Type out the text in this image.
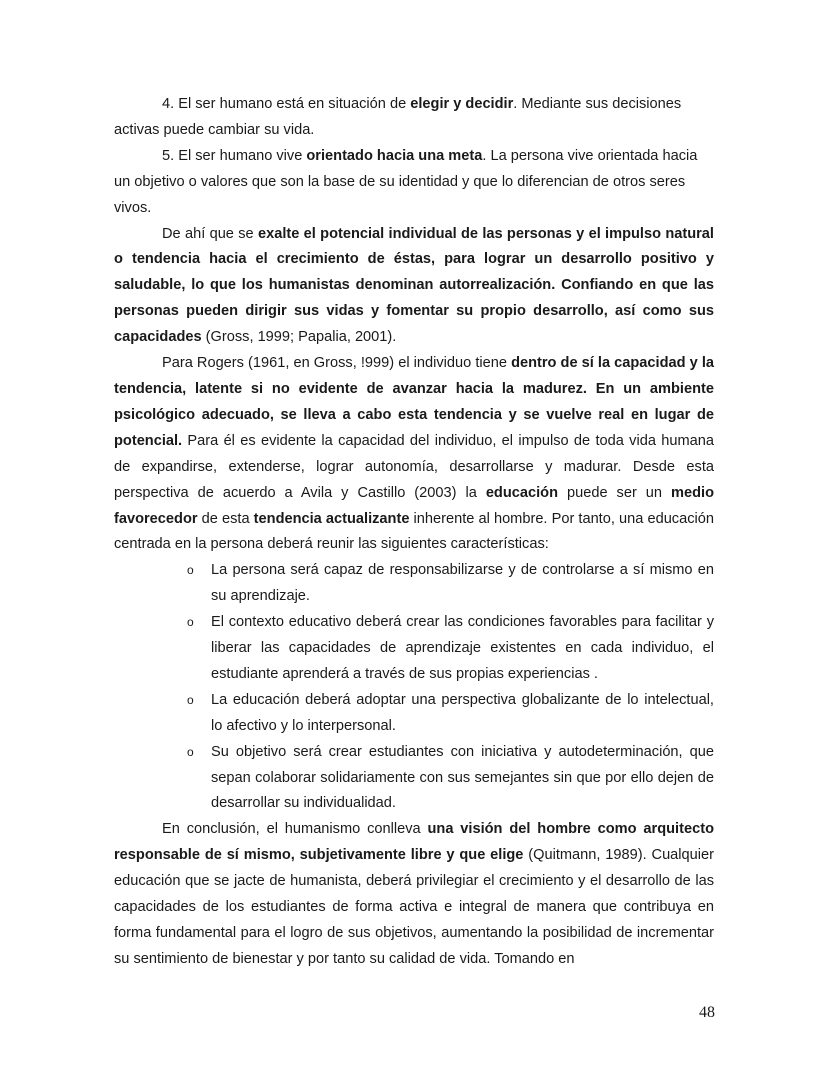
4. El ser humano está en situación de elegir y decidir. Mediante sus decisiones activas puede cambiar su vida.

5. El ser humano vive orientado hacia una meta. La persona vive orientada hacia un objetivo o valores que son la base de su identidad y que lo diferencian de otros seres vivos.

De ahí que se exalte el potencial individual de las personas y el impulso natural o tendencia hacia el crecimiento de éstas, para lograr un desarrollo positivo y saludable, lo que los humanistas denominan autorrealización. Confiando en que las personas pueden dirigir sus vidas y fomentar su propio desarrollo, así como sus capacidades (Gross, 1999; Papalia, 2001).

Para Rogers (1961, en Gross, !999) el individuo tiene dentro de sí la capacidad y la tendencia, latente si no evidente de avanzar hacia la madurez. En un ambiente psicológico adecuado, se lleva a cabo esta tendencia y se vuelve real en lugar de potencial. Para él es evidente la capacidad del individuo, el impulso de toda vida humana de expandirse, extenderse, lograr autonomía, desarrollarse y madurar. Desde esta perspectiva de acuerdo a Avila y Castillo (2003) la educación puede ser un medio favorecedor de esta tendencia actualizante inherente al hombre. Por tanto, una educación centrada en la persona deberá reunir las siguientes características:

o La persona será capaz de responsabilizarse y de controlarse a sí mismo en su aprendizaje.
o El contexto educativo deberá crear las condiciones favorables para facilitar y liberar las capacidades de aprendizaje existentes en cada individuo, el estudiante aprenderá a través de sus propias experiencias .
o La educación deberá adoptar una perspectiva globalizante de lo intelectual, lo afectivo y lo interpersonal.
o Su objetivo será crear estudiantes con iniciativa y autodeterminación, que sepan colaborar solidariamente con sus semejantes sin que por ello dejen de desarrollar su individualidad.

En conclusión, el humanismo conlleva una visión del hombre como arquitecto responsable de sí mismo, subjetivamente libre y que elige (Quitmann, 1989). Cualquier educación que se jacte de humanista, deberá privilegiar el crecimiento y el desarrollo de las capacidades de los estudiantes de forma activa e integral de manera que contribuya en forma fundamental para el logro de sus objetivos, aumentando la posibilidad de incrementar su sentimiento de bienestar y por tanto su calidad de vida. Tomando en

48
